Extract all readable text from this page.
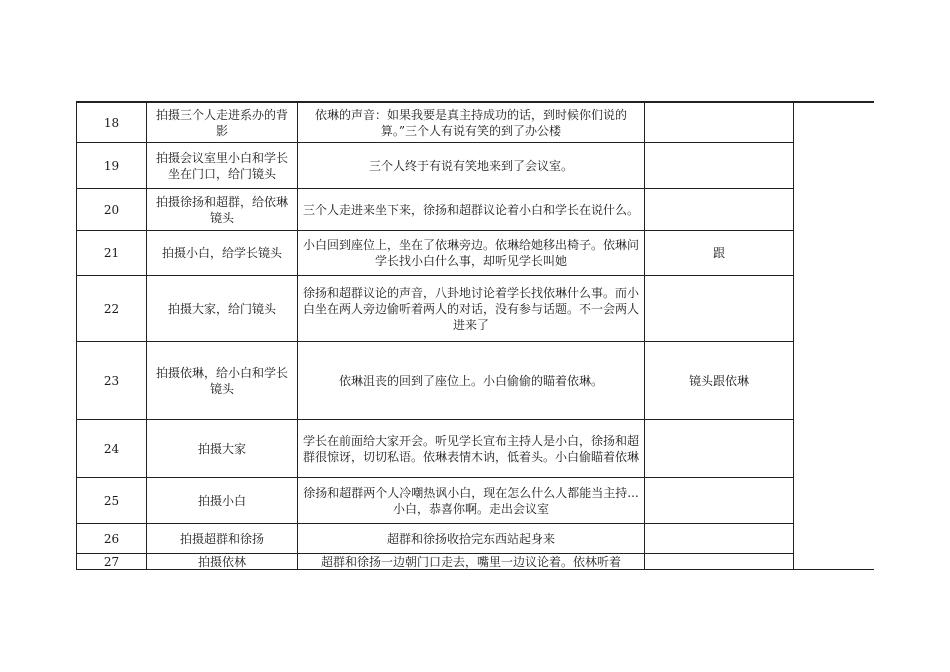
18	拍摄三个人走进系办的背影	依琳的声音：如果我要是真主持成功的话，到时候你们说的算。”三个人有说有笑的到了办公楼		
19	拍摄会议室里小白和学长坐在门口，给门镜头	三个人终于有说有笑地来到了会议室。		
20	拍摄徐扬和超群，给依琳镜头	三个人走进来坐下来，徐扬和超群议论着小白和学长在说什么。		
21	拍摄小白，给学长镜头	小白回到座位上，坐在了依琳旁边。依琳给她移出椅子。依琳问学长找小白什么事，却听见学长叫她	跟	
22	拍摄大家，给门镜头	徐扬和超群议论的声音，八卦地讨论着学长找依琳什么事。而小白坐在两人旁边偷听着两人的对话，没有参与话题。不一会两人进来了		
23	拍摄依琳，给小白和学长镜头	依琳沮丧的回到了座位上。小白偷偷的瞄着依琳。	镜头跟依琳	
24	拍摄大家	学长在前面给大家开会。听见学长宣布主持人是小白，徐扬和超群很惊讶，切切私语。依琳表情木讷，低着头。小白偷瞄着依琳		
25	拍摄小白	徐扬和超群两个人冷嘲热讽小白，现在怎么什么人都能当主持...小白，恭喜你啊。走出会议室		
26	拍摄超群和徐扬	超群和徐扬收拾完东西站起身来		
27	拍摄依林	超群和徐扬一边朝门口走去，嘴里一边议论着。依林听着		
